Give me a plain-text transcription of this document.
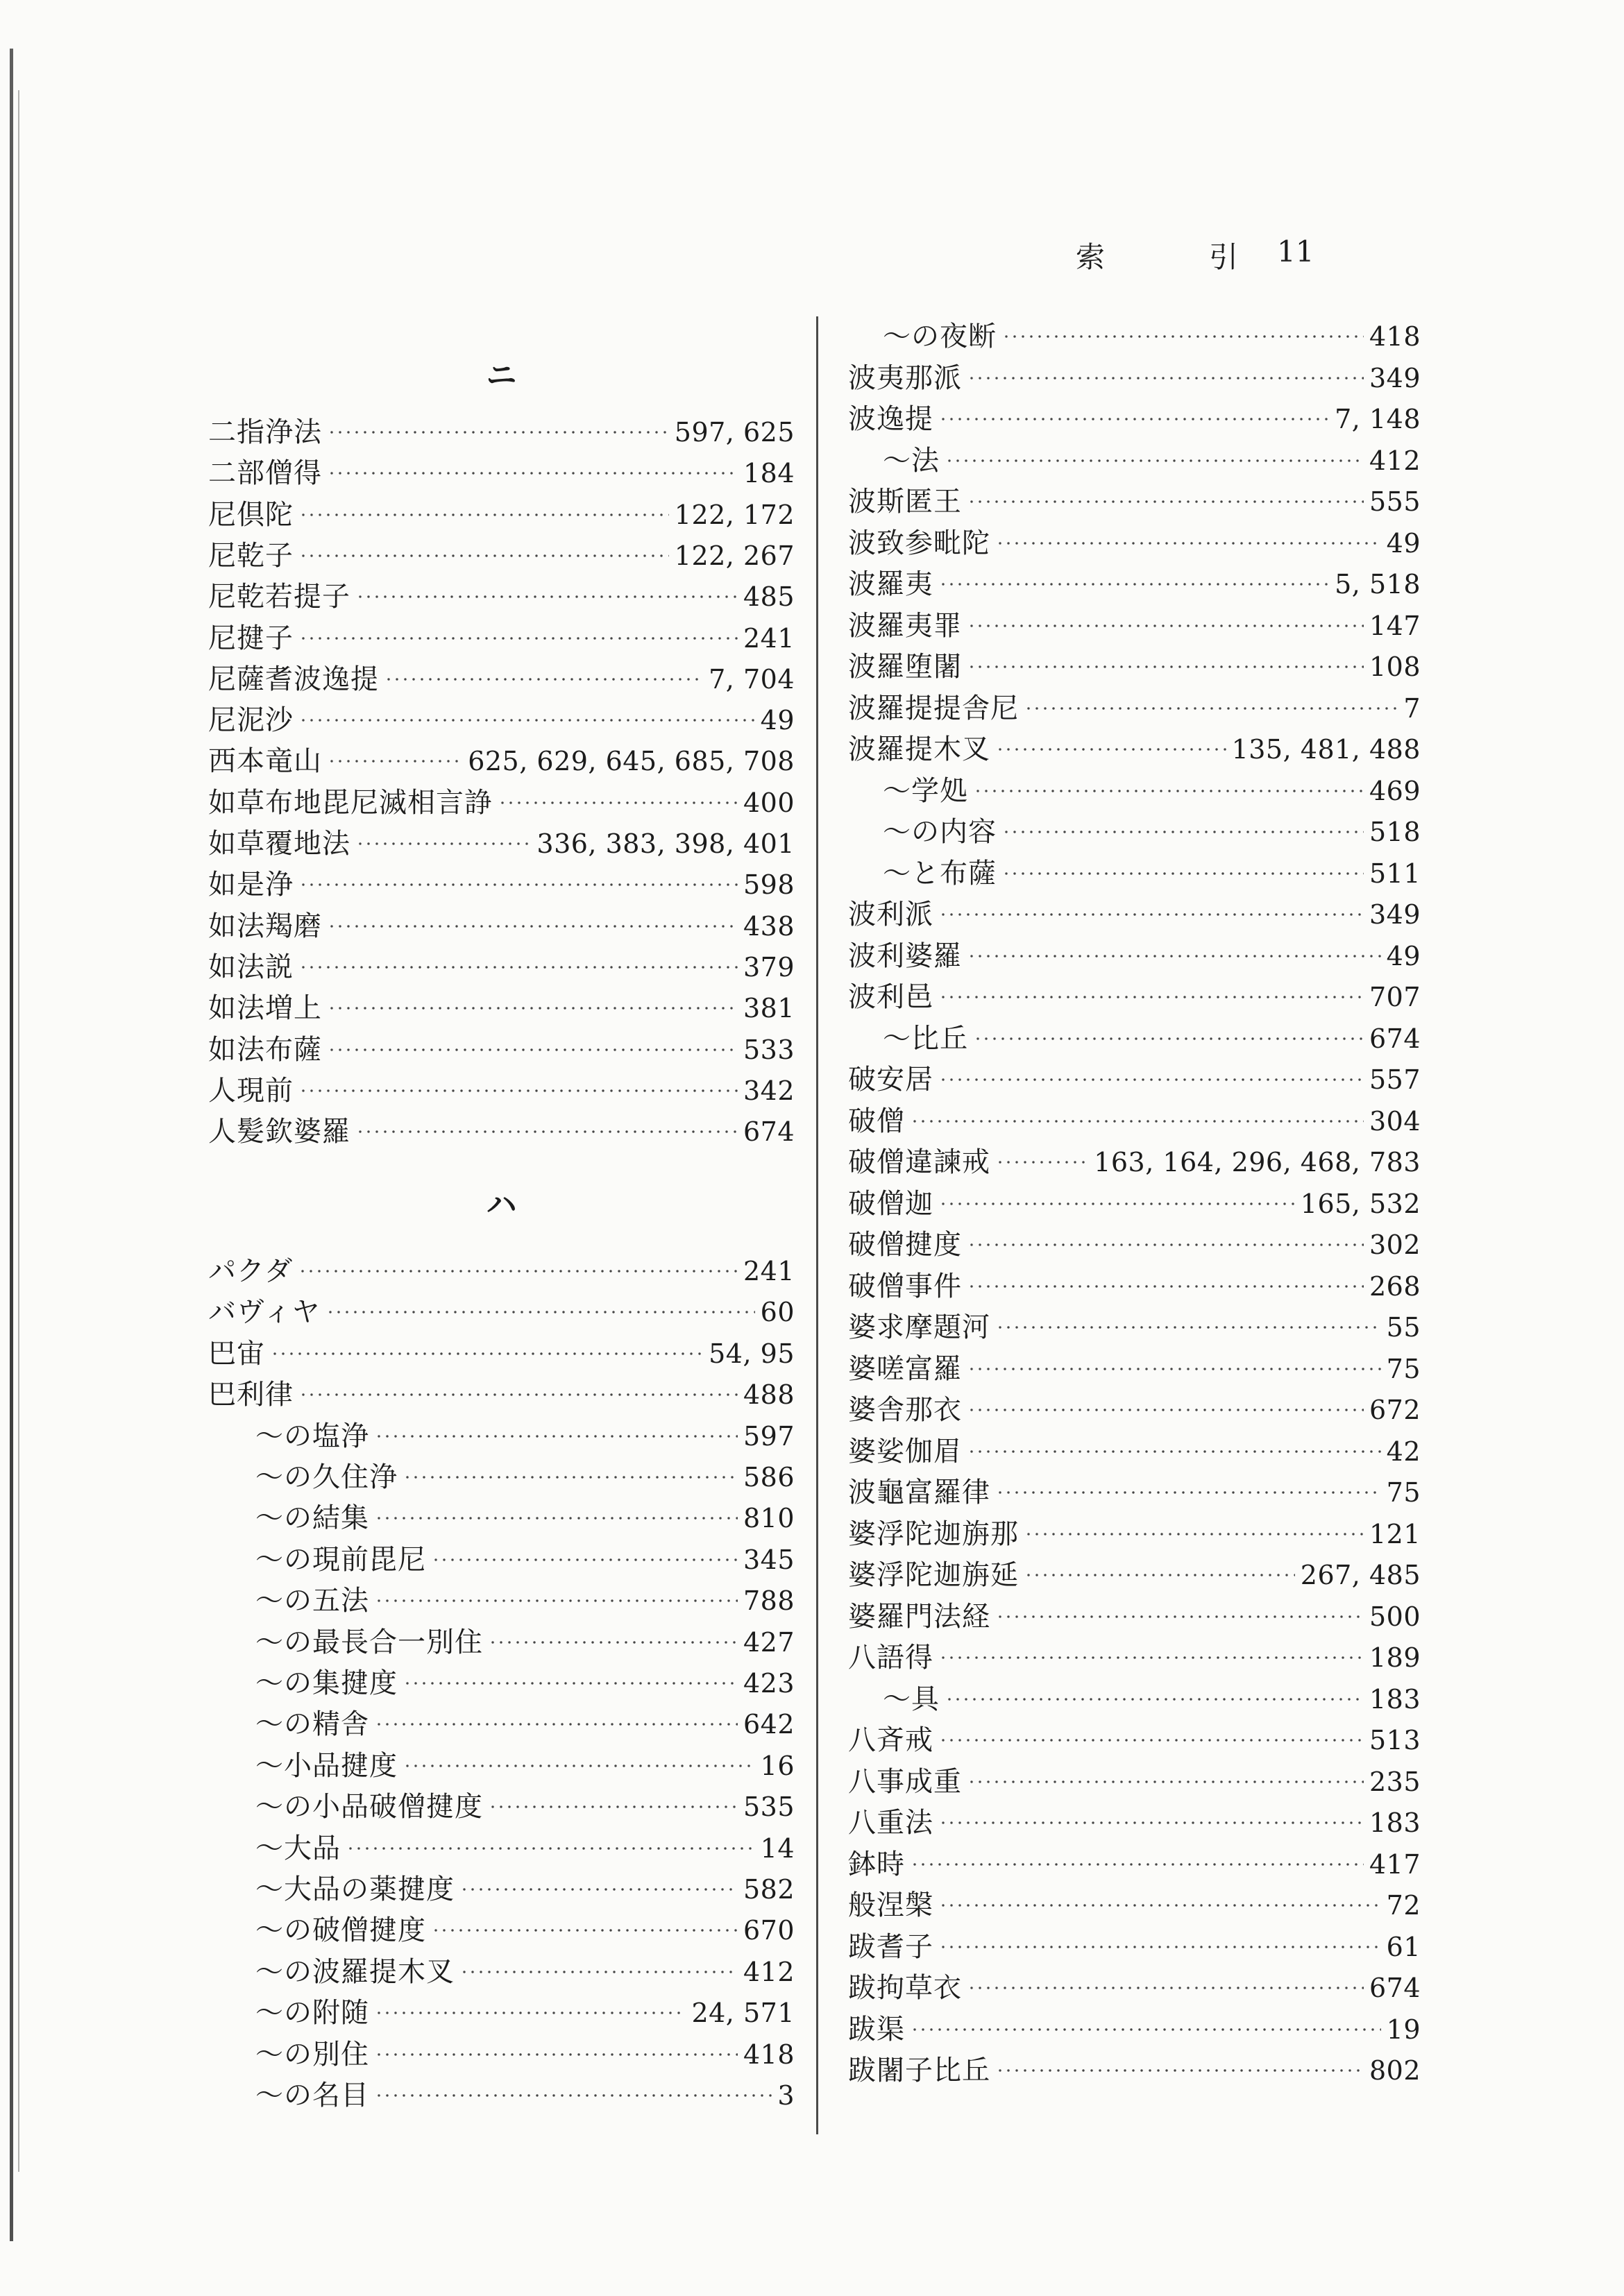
索	引 11
ニ
二指浄法	597, 625
二部僧得	184
尼倶陀	122, 172
尼乾子	122, 267
尼乾若提子	485
尼揵子	241
尼薩耆波逸提	7, 704
尼泥沙	49
西本竜山	625, 629, 645, 685, 708
如草布地毘尼滅相言諍	400
如草覆地法	336, 383, 398, 401
如是浄	598
如法羯磨	438
如法説	379
如法増上	381
如法布薩	533
人現前	342
人髪欽婆羅	674
ハ
パクダ	241
バヴィヤ	60
巴宙	54, 95
巴利律	488
～の塩浄	597
～の久住浄	586
～の結集	810
～の現前毘尼	345
～の五法	788
～の最長合一別住	427
～の集揵度	423
～の精舎	642
～小品揵度	16
～の小品破僧揵度	535
～大品	14
～大品の薬揵度	582
～の破僧揵度	670
～の波羅提木叉	412
～の附随	24, 571
～の別住	418
～の名目	3
～の夜断	418
波夷那派	349
波逸提	7, 148
～法	412
波斯匿王	555
波致参毗陀	49
波羅夷	5, 518
波羅夷罪	147
波羅堕闍	108
波羅提提舎尼	7
波羅提木叉	135, 481, 488
～学処	469
～の内容	518
～と布薩	511
波利派	349
波利婆羅	49
波利邑	707
～比丘	674
破安居	557
破僧	304
破僧違諫戒	163, 164, 296, 468, 783
破僧迦	165, 532
破僧揵度	302
破僧事件	268
婆求摩題河	55
婆嗟富羅	75
婆舎那衣	672
婆娑伽眉	42
波龜富羅律	75
婆浮陀迦旃那	121
婆浮陀迦旃延	267, 485
婆羅門法経	500
八語得	189
～具	183
八斉戒	513
八事成重	235
八重法	183
鉢時	417
般涅槃	72
跋耆子	61
跋拘草衣	674
跋渠	19
跋闍子比丘	802
